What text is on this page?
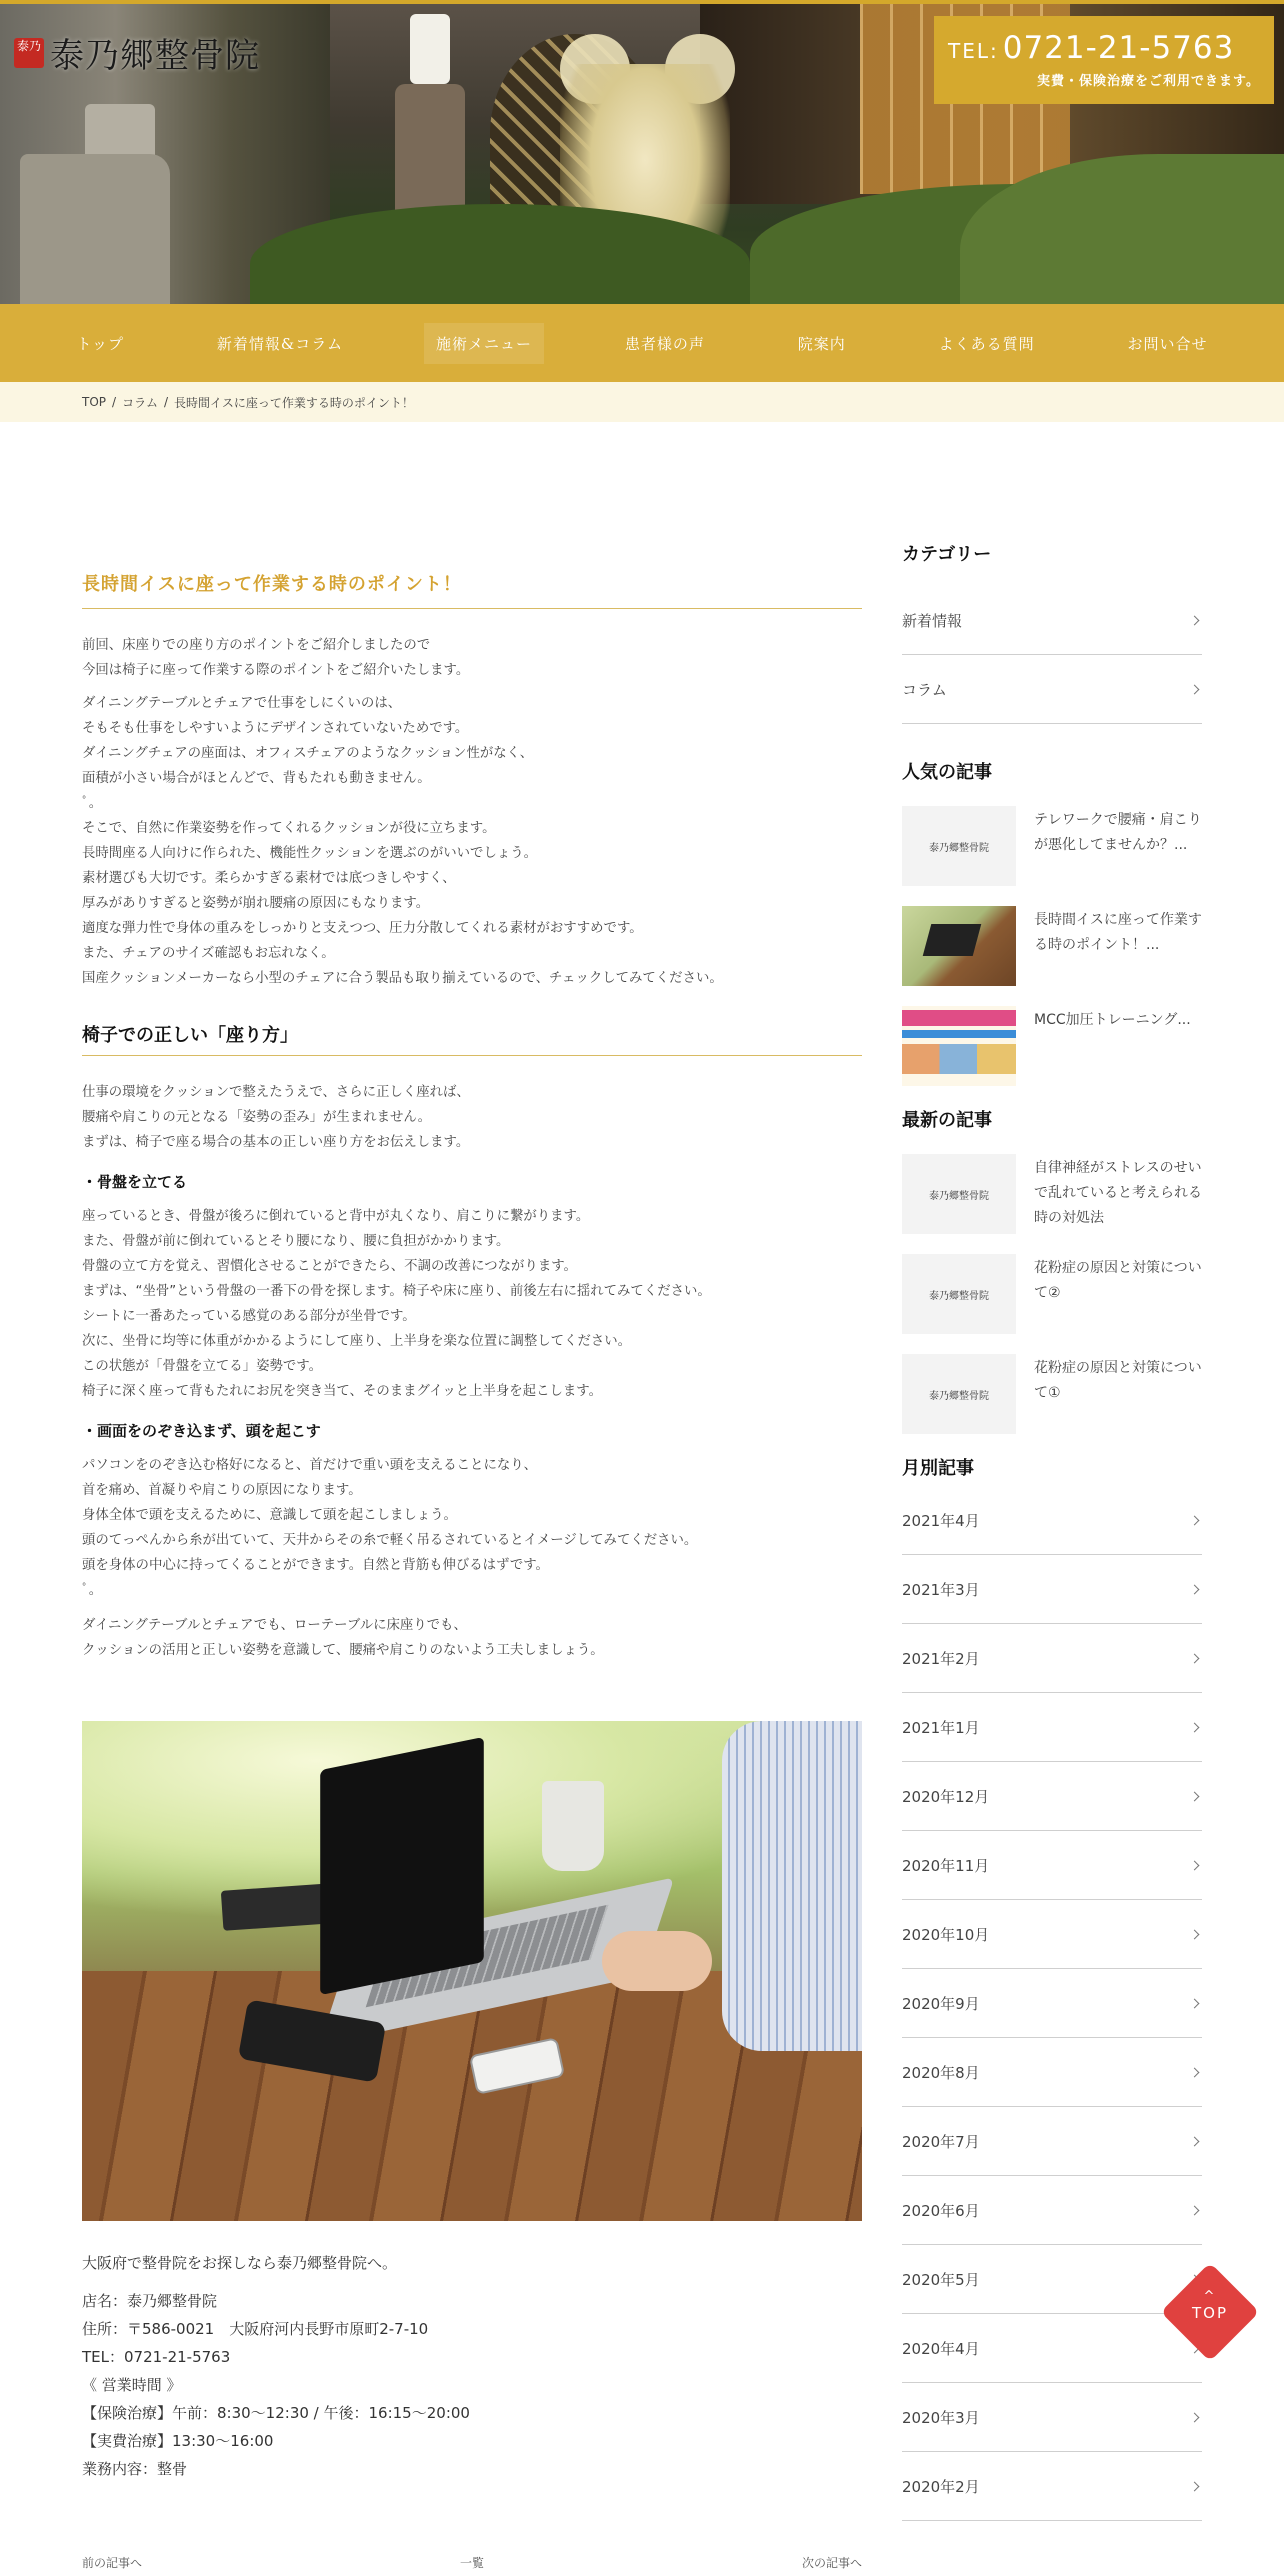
泰乃 泰乃郷整骨院	TEL: 0721-21-5763
実費・保険治療をご利用できます。
トップ	新着情報&コラム	施術メニュー	患者様の声	院案内	よくある質問	お問い合せ
TOP / コラム / 長時間イスに座って作業する時のポイント！
長時間イスに座って作業する時のポイント！

前回、床座りでの座り方のポイントをご紹介しましたので

今回は椅子に座って作業する際のポイントをご紹介いたします。

ダイニングテーブルとチェアで仕事をしにくいのは、

そもそも仕事をしやすいようにデザインされていないためです。

ダイニングチェアの座面は、オフィスチェアのようなクッション性がなく、

面積が小さい場合がほとんどで、背もたれも動きません。

ﾟ。

そこで、自然に作業姿勢を作ってくれるクッションが役に立ちます。

長時間座る人向けに作られた、機能性クッションを選ぶのがいいでしょう。

素材選びも大切です。柔らかすぎる素材では底つきしやすく、

厚みがありすぎると姿勢が崩れ腰痛の原因にもなります。

適度な弾力性で身体の重みをしっかりと支えつつ、圧力分散してくれる素材がおすすめです。

また、チェアのサイズ確認もお忘れなく。

国産クッションメーカーなら小型のチェアに合う製品も取り揃えているので、チェックしてみてください。

椅子での正しい「座り方」

仕事の環境をクッションで整えたうえで、さらに正しく座れば、

腰痛や肩こりの元となる「姿勢の歪み」が生まれません。

まずは、椅子で座る場合の基本の正しい座り方をお伝えします。

・骨盤を立てる

座っているとき、骨盤が後ろに倒れていると背中が丸くなり、肩こりに繋がります。

また、骨盤が前に倒れているとそり腰になり、腰に負担がかかります。

骨盤の立て方を覚え、習慣化させることができたら、不調の改善につながります。

まずは、“坐骨”という骨盤の一番下の骨を探します。椅子や床に座り、前後左右に揺れてみてください。

シートに一番あたっている感覚のある部分が坐骨です。

次に、坐骨に均等に体重がかかるようにして座り、上半身を楽な位置に調整してください。

この状態が「骨盤を立てる」姿勢です。

椅子に深く座って背もたれにお尻を突き当て、そのままグイッと上半身を起こします。

・画面をのぞき込まず、頭を起こす

パソコンをのぞき込む格好になると、首だけで重い頭を支えることになり、

首を痛め、首凝りや肩こりの原因になります。

身体全体で頭を支えるために、意識して頭を起こしましょう。

頭のてっぺんから糸が出ていて、天井からその糸で軽く吊るされているとイメージしてみてください。

頭を身体の中心に持ってくることができます。自然と背筋も伸びるはずです。

ﾟ。

ダイニングテーブルとチェアでも、ローテーブルに床座りでも、

クッションの活用と正しい姿勢を意識して、腰痛や肩こりのないよう工夫しましょう。

大阪府で整骨院をお探しなら泰乃郷整骨院へ。

店名：泰乃郷整骨院

住所：〒586-0021　大阪府河内長野市原町2-7-10

TEL：0721-21-5763

《 営業時間 》

【保険治療】午前：8:30～12:30 / 午後：16:15～20:00

【実費治療】13:30～16:00

業務内容：整骨

前の記事へ	一覧	次の記事へ
カテゴリー
新着情報
コラム
人気の記事
泰乃郷整骨院
テレワークで腰痛・肩こりが悪化してませんか？...
長時間イスに座って作業する時のポイント！...
MCC加圧トレーニング...
最新の記事
泰乃郷整骨院
自律神経がストレスのせいで乱れていると考えられる時の対処法
泰乃郷整骨院
花粉症の原因と対策について②
泰乃郷整骨院
花粉症の原因と対策について①
月別記事
2021年4月
2021年3月
2021年2月
2021年1月
2020年12月
2020年11月
2020年10月
2020年9月
2020年8月
2020年7月
2020年6月
2020年5月
2020年4月
2020年3月
2020年2月
^
TOP
